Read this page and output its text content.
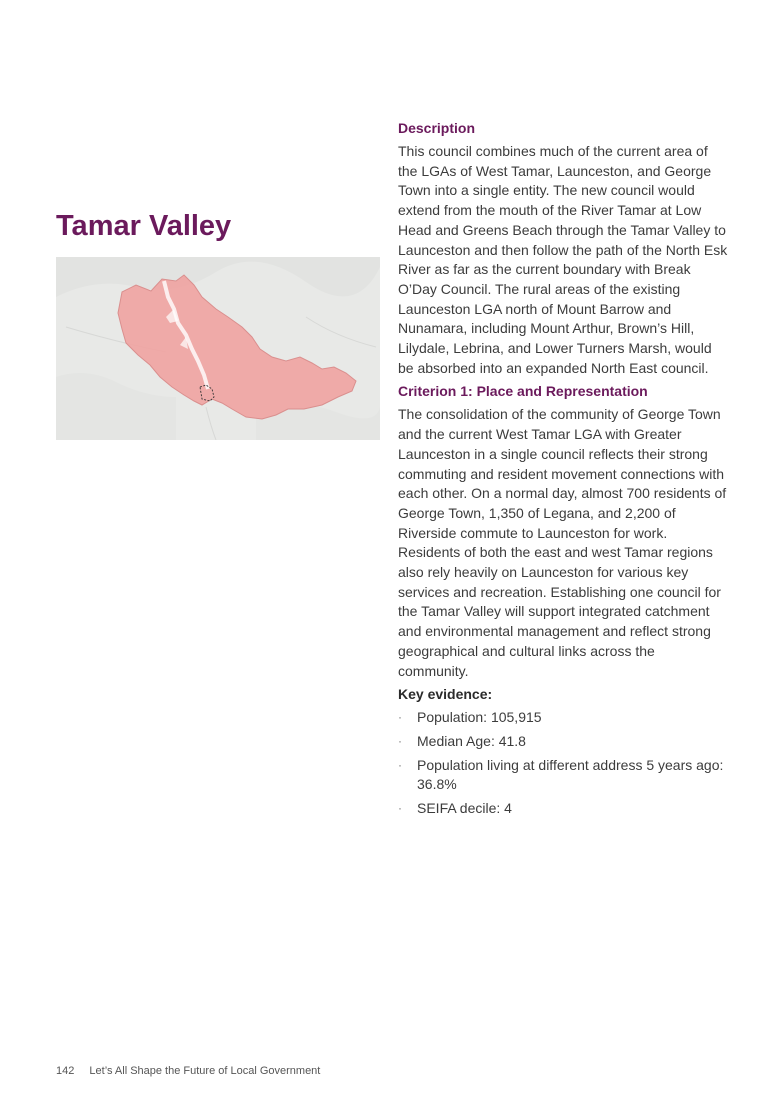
Tamar Valley
Description

This council combines much of the current area of the LGAs of West Tamar, Launceston, and George Town into a single entity. The new council would extend from the mouth of the River Tamar at Low Head and Greens Beach through the Tamar Valley to Launceston and then follow the path of the North Esk River as far as the current boundary with Break O’Day Council. The rural areas of the existing Launceston LGA north of Mount Barrow and Nunamara, including Mount Arthur, Brown’s Hill, Lilydale, Lebrina, and Lower Turners Marsh, would be absorbed into an expanded North East council.

Criterion 1: Place and Representation

The consolidation of the community of George Town and the current West Tamar LGA with Greater Launceston in a single council reflects their strong commuting and resident movement connections with each other. On a normal day, almost 700 residents of George Town, 1,350 of Legana, and 2,200 of Riverside commute to Launceston for work. Residents of both the east and west Tamar regions also rely heavily on Launceston for various key services and recreation. Establishing one council for the Tamar Valley will support integrated catchment and environmental management and reflect strong geographical and cultural links across the community.

Key evidence:
· Population: 105,915
· Median Age: 41.8
· Population living at different address 5 years ago: 36.8%
· SEIFA decile: 4
142 Let’s All Shape the Future of Local Government
